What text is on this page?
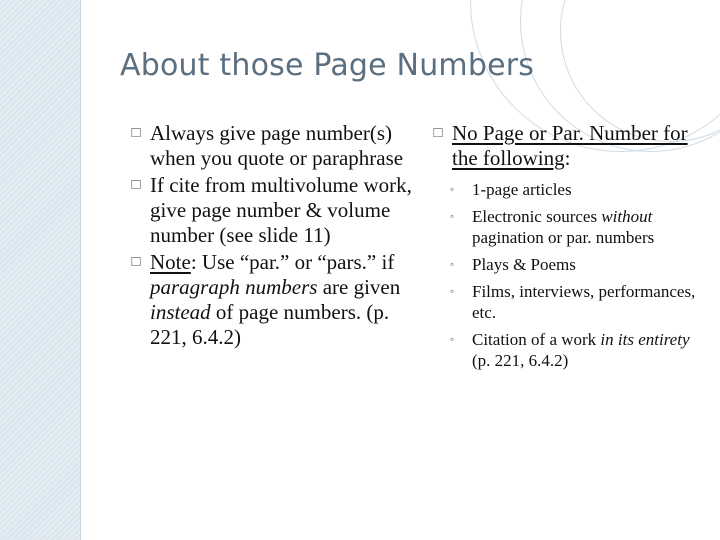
About those Page Numbers
□ Always give page number(s) when you quote or paraphrase
□ If cite from multivolume work, give page number & volume number (see slide 11)
□ Note: Use “par.” or “pars.” if paragraph numbers are given instead of page numbers. (p. 221, 6.4.2)
□ No Page or Par. Number for the following:
◦ 1-page articles
◦ Electronic sources without pagination or par. numbers
◦ Plays & Poems
◦ Films, interviews, performances, etc.
◦ Citation of a work in its entirety (p. 221, 6.4.2)
